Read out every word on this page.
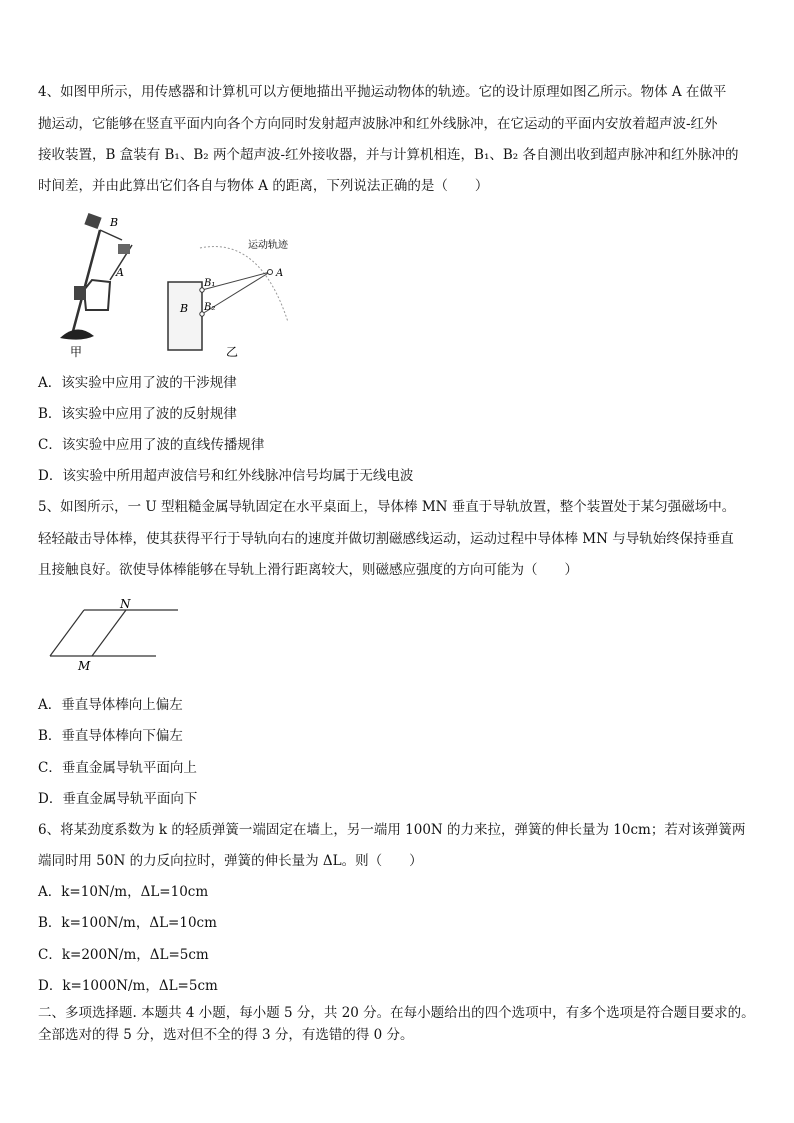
4、如图甲所示，用传感器和计算机可以方便地描出平抛运动物体的轨迹。它的设计原理如图乙所示。物体 A 在做平
抛运动，它能够在竖直平面内向各个方向同时发射超声波脉冲和红外线脉冲，在它运动的平面内安放着超声波-红外
接收装置，B 盒装有 B₁、B₂ 两个超声波-红外接收器，并与计算机相连，B₁、B₂ 各自测出收到超声脉冲和红外脉冲的
时间差，并由此算出它们各自与物体 A 的距离，下列说法正确的是（　　）
B
A
甲
运动轨迹
A
B
B₁
B₂
乙
A．该实验中应用了波的干涉规律
B．该实验中应用了波的反射规律
C．该实验中应用了波的直线传播规律
D．该实验中所用超声波信号和红外线脉冲信号均属于无线电波
5、如图所示，一 U 型粗糙金属导轨固定在水平桌面上，导体棒 MN 垂直于导轨放置，整个装置处于某匀强磁场中。
轻轻敲击导体棒，使其获得平行于导轨向右的速度并做切割磁感线运动，运动过程中导体棒 MN 与导轨始终保持垂直
且接触良好。欲使导体棒能够在导轨上滑行距离较大，则磁感应强度的方向可能为（　　）
N
M
A．垂直导体棒向上偏左
B．垂直导体棒向下偏左
C．垂直金属导轨平面向上
D．垂直金属导轨平面向下
6、将某劲度系数为 k 的轻质弹簧一端固定在墙上，另一端用 100N 的力来拉，弹簧的伸长量为 10cm；若对该弹簧两
端同时用 50N 的力反向拉时，弹簧的伸长量为 ΔL。则（　　）
A．k=10N/m，ΔL=10cm
B．k=100N/m，ΔL=10cm
C．k=200N/m，ΔL=5cm
D．k=1000N/m，ΔL=5cm
二、多项选择题. 本题共 4 小题，每小题 5 分，共 20 分。在每小题给出的四个选项中，有多个选项是符合题目要求的。
全部选对的得 5 分，选对但不全的得 3 分，有选错的得 0 分。
